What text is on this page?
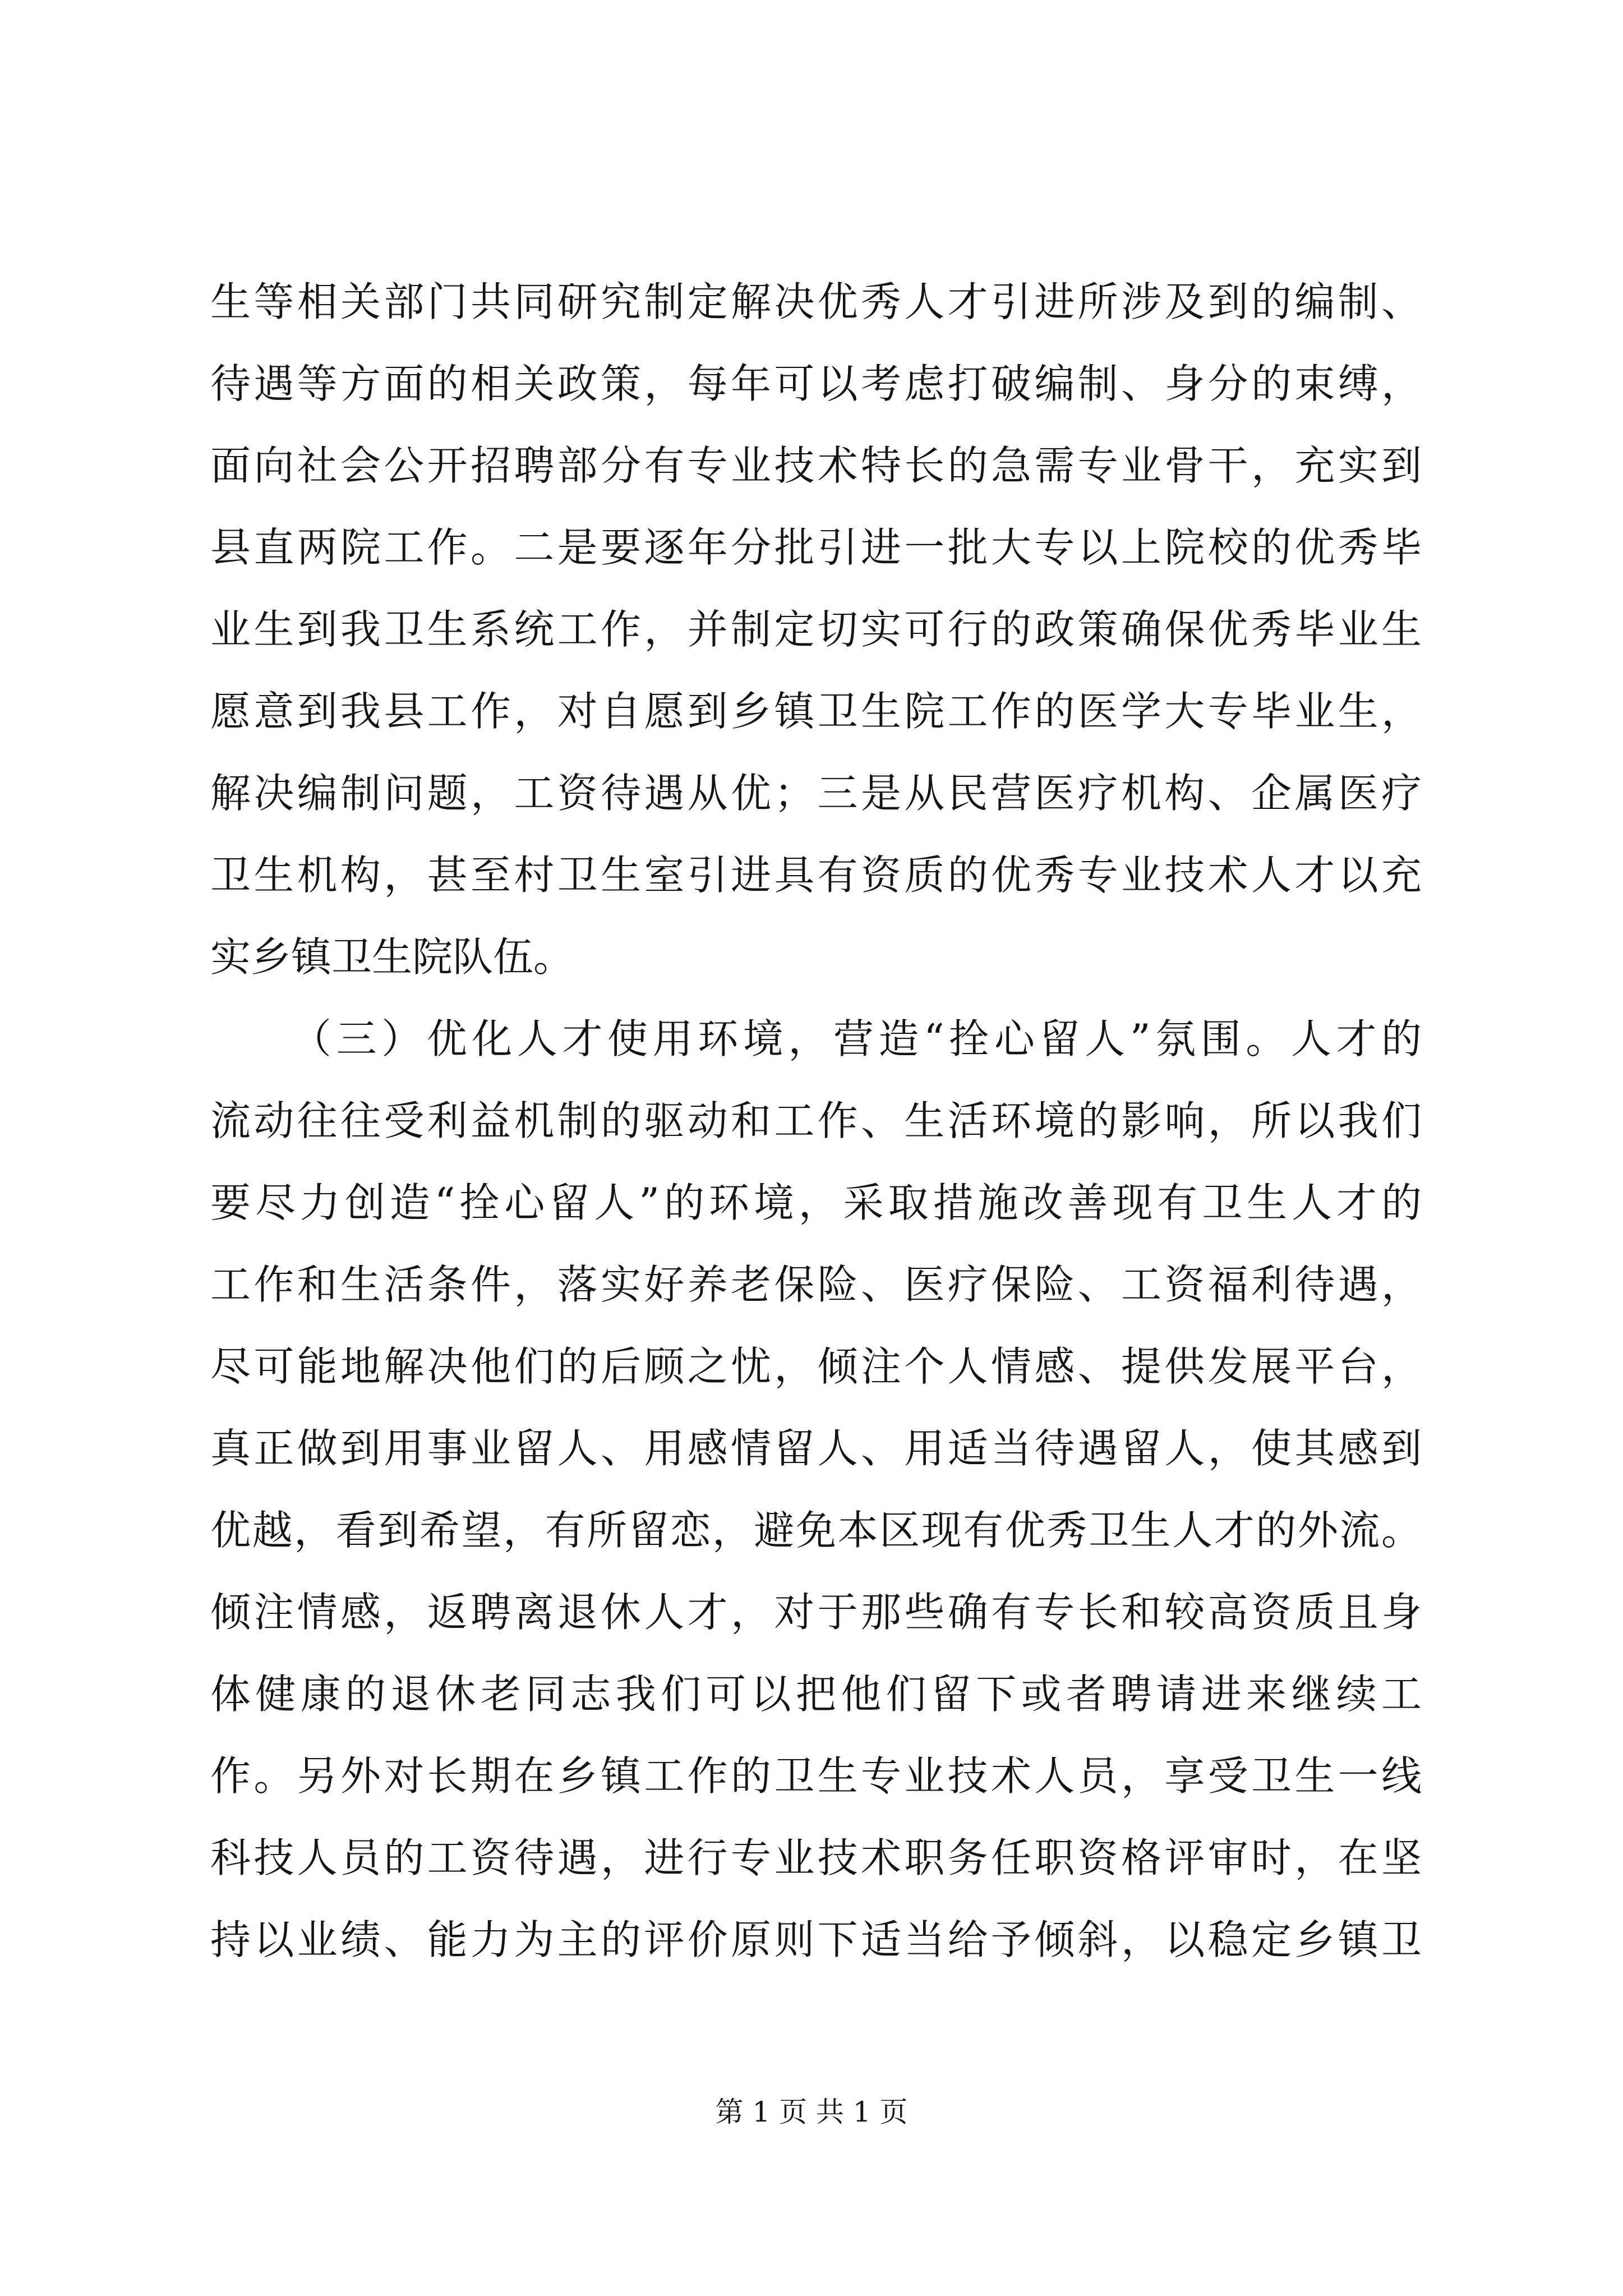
生等相关部门共同研究制定解决优秀人才引进所涉及到的编制、
待遇等方面的相关政策，每年可以考虑打破编制、身分的束缚，
面向社会公开招聘部分有专业技术特长的急需专业骨干，充实到
县直两院工作。二是要逐年分批引进一批大专以上院校的优秀毕
业生到我卫生系统工作，并制定切实可行的政策确保优秀毕业生
愿意到我县工作，对自愿到乡镇卫生院工作的医学大专毕业生，
解决编制问题，工资待遇从优；三是从民营医疗机构、企属医疗
卫生机构，甚至村卫生室引进具有资质的优秀专业技术人才以充
实乡镇卫生院队伍。
（三）优化人才使用环境，营造“拴心留人”氛围。人才的
流动往往受利益机制的驱动和工作、生活环境的影响，所以我们
要尽力创造“拴心留人”的环境，采取措施改善现有卫生人才的
工作和生活条件，落实好养老保险、医疗保险、工资福利待遇，
尽可能地解决他们的后顾之忧，倾注个人情感、提供发展平台，
真正做到用事业留人、用感情留人、用适当待遇留人，使其感到
优越，看到希望，有所留恋，避免本区现有优秀卫生人才的外流。
倾注情感，返聘离退休人才，对于那些确有专长和较高资质且身
体健康的退休老同志我们可以把他们留下或者聘请进来继续工
作。另外对长期在乡镇工作的卫生专业技术人员，享受卫生一线
科技人员的工资待遇，进行专业技术职务任职资格评审时，在坚
持以业绩、能力为主的评价原则下适当给予倾斜，以稳定乡镇卫
第 1 页 共 1 页
